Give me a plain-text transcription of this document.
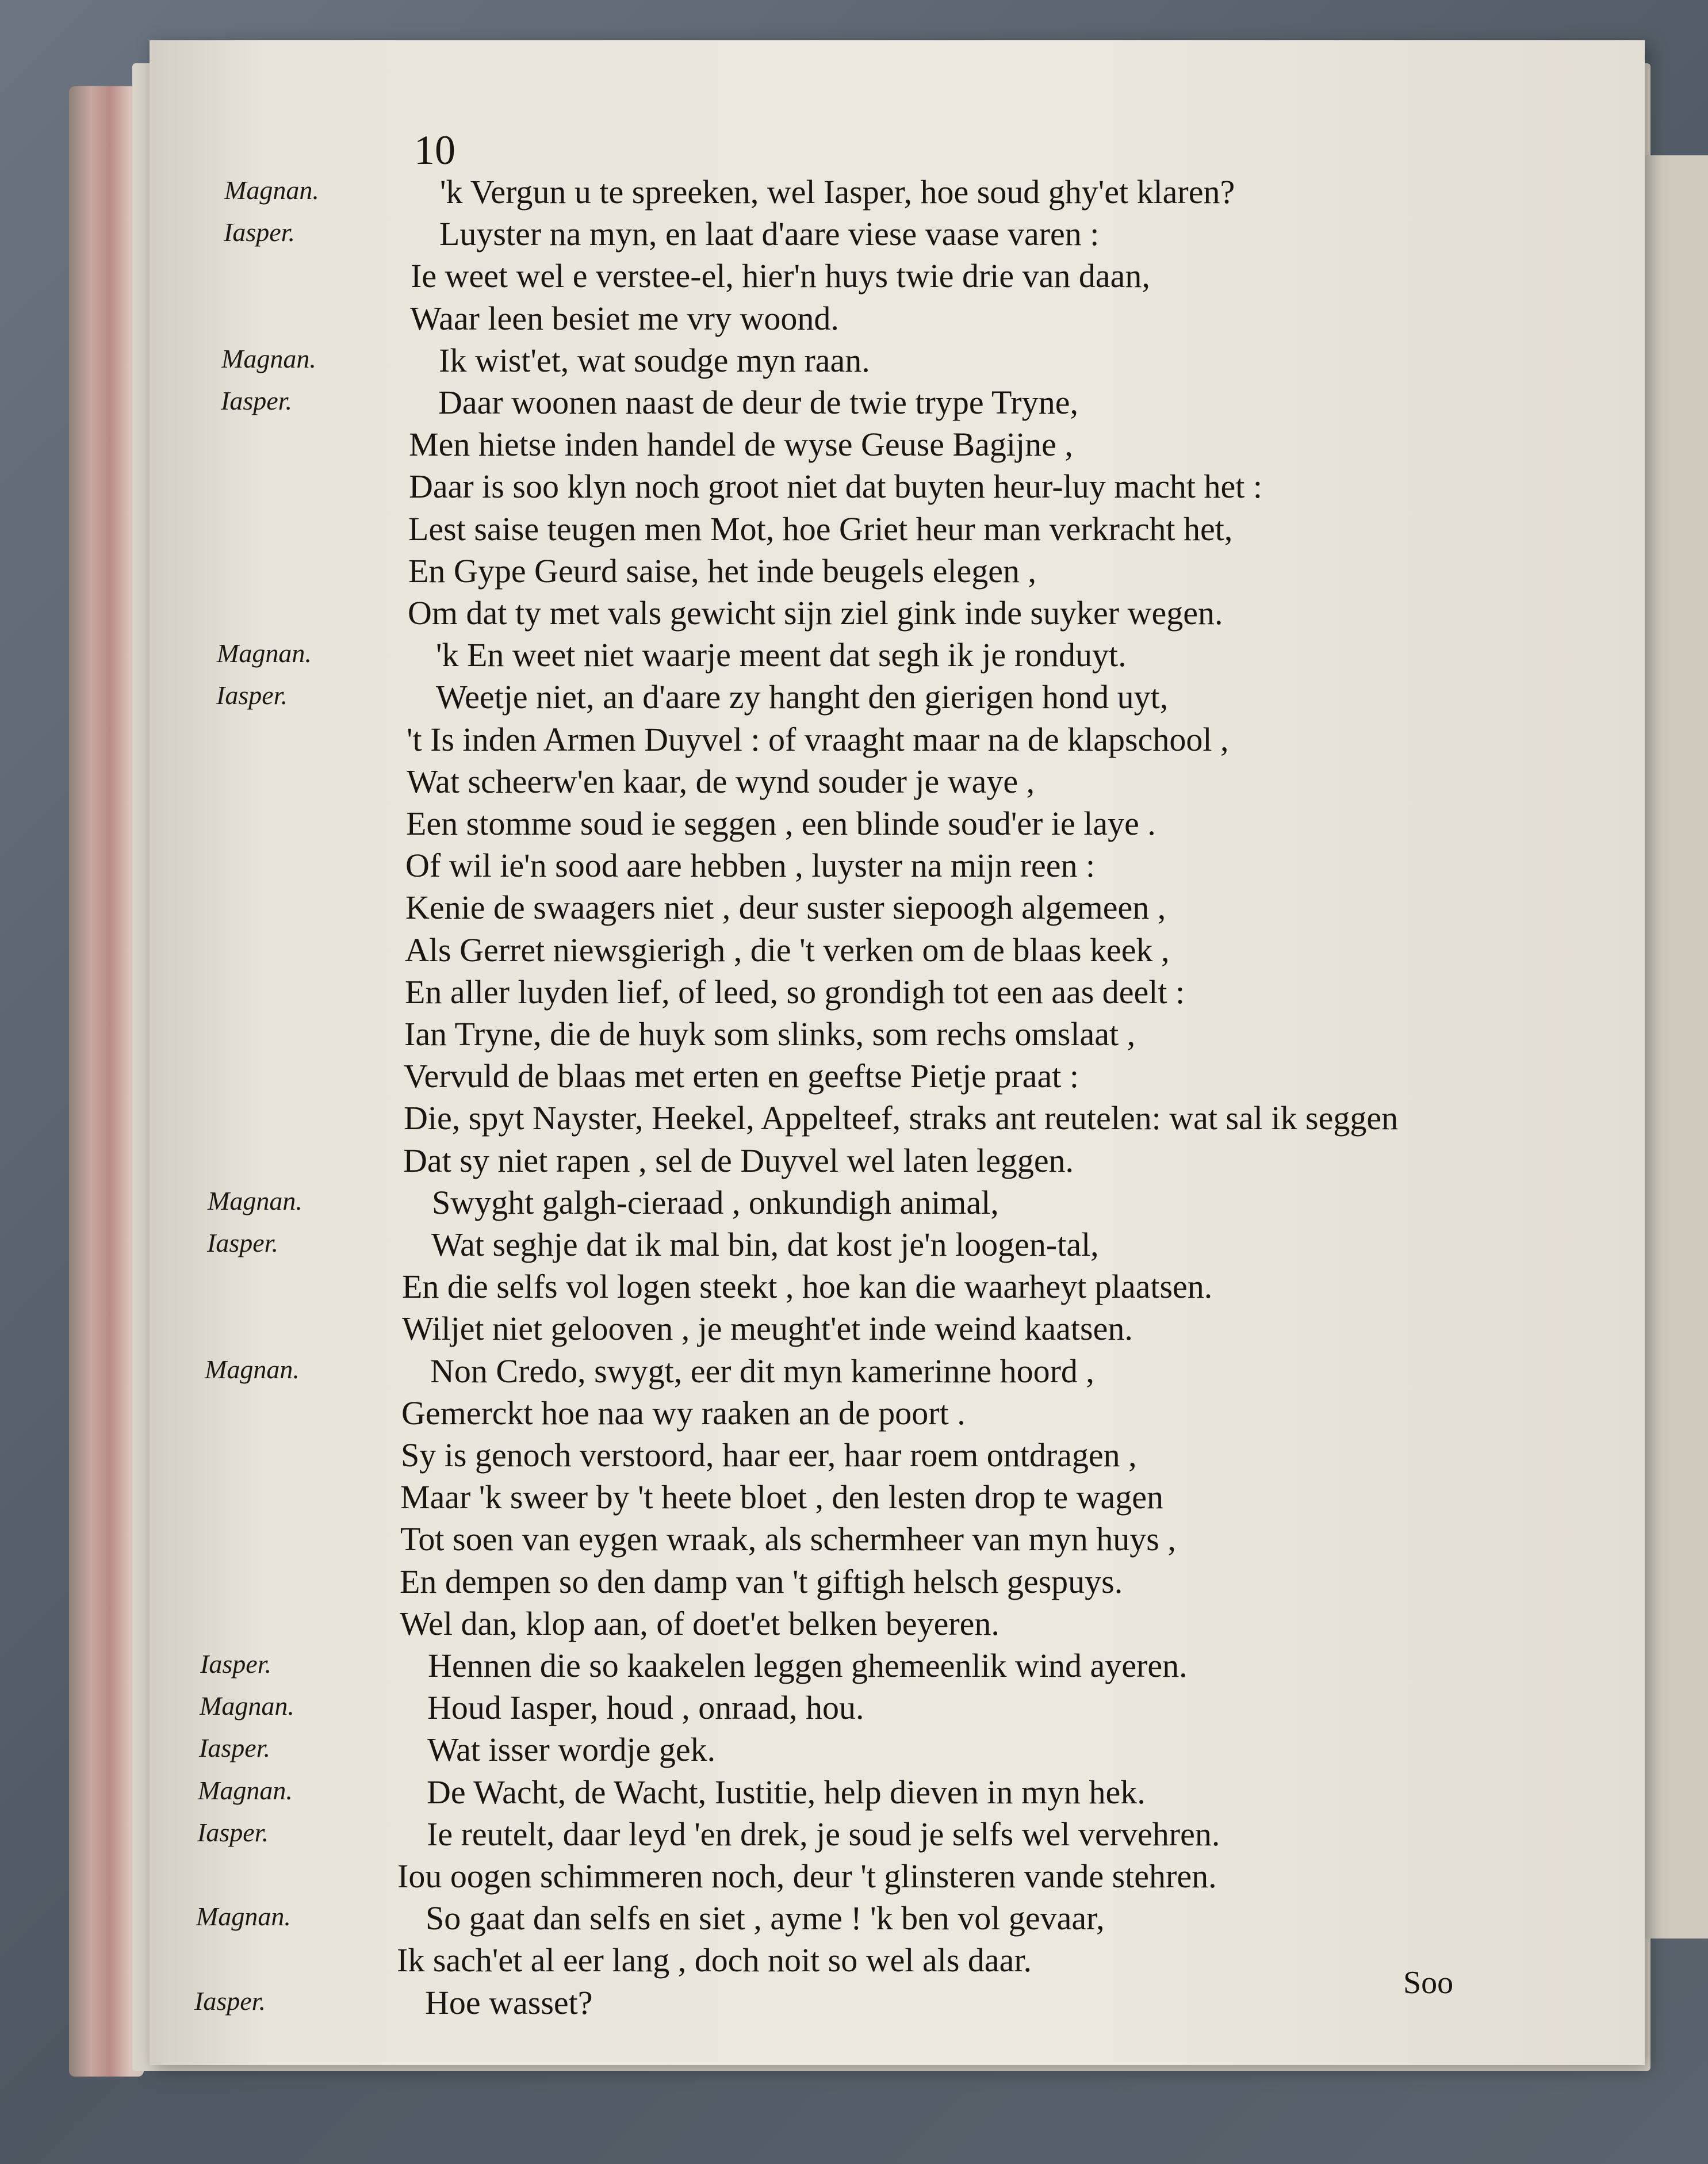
10
Magnan.	'k Vergun u te spreeken, wel Iasper, hoe soud ghy'et klaren?
Iasper.	Luyster na myn, en laat d'aare viese vaase varen :
Ie weet wel e verstee-el, hier'n huys twie drie van daan,
Waar leen besiet me vry woond.
Magnan.	Ik wist'et, wat soudge myn raan.
Iasper.	Daar woonen naast de deur de twie trype Tryne,
Men hietse inden handel de wyse Geuse Bagijne ,
Daar is soo klyn noch groot niet dat buyten heur-luy macht het :
Lest saise teugen men Mot, hoe Griet heur man verkracht het,
En Gype Geurd saise, het inde beugels elegen ,
Om dat ty met vals gewicht sijn ziel gink inde suyker wegen.
Magnan.	'k En weet niet waarje meent dat segh ik je ronduyt.
Iasper.	Weetje niet, an d'aare zy hanght den gierigen hond uyt,
't Is inden Armen Duyvel : of vraaght maar na de klapschool ,
Wat scheerw'en kaar, de wynd souder je waye ,
Een stomme soud ie seggen , een blinde soud'er ie laye .
Of wil ie'n sood aare hebben , luyster na mijn reen :
Kenie de swaagers niet , deur suster siepoogh algemeen ,
Als Gerret niewsgierigh , die 't verken om de blaas keek ,
En aller luyden lief, of leed, so grondigh tot een aas deelt :
Ian Tryne, die de huyk som slinks, som rechs omslaat ,
Vervuld de blaas met erten en geeftse Pietje praat :
Die, spyt Nayster, Heekel, Appelteef, straks ant reutelen: wat sal ik seggen
Dat sy niet rapen , sel de Duyvel wel laten leggen.
Magnan.	Swyght galgh-cieraad , onkundigh animal,
Iasper.	Wat seghje dat ik mal bin, dat kost je'n loogen-tal,
En die selfs vol logen steekt , hoe kan die waarheyt plaatsen.
Wiljet niet gelooven , je meught'et inde weind kaatsen.
Magnan.	Non Credo, swygt, eer dit myn kamerinne hoord ,
Gemerckt hoe naa wy raaken an de poort .
Sy is genoch verstoord, haar eer, haar roem ontdragen ,
Maar 'k sweer by 't heete bloet , den lesten drop te wagen
Tot soen van eygen wraak, als schermheer van myn huys ,
En dempen so den damp van 't giftigh helsch gespuys.
Wel dan, klop aan, of doet'et belken beyeren.
Iasper.	Hennen die so kaakelen leggen ghemeenlik wind ayeren.
Magnan.	Houd Iasper, houd , onraad, hou.
Iasper.	Wat isser wordje gek.
Magnan.	De Wacht, de Wacht, Iustitie, help dieven in myn hek.
Iasper.	Ie reutelt, daar leyd 'en drek, je soud je selfs wel vervehren.
Iou oogen schimmeren noch, deur 't glinsteren vande stehren.
Magnan.	So gaat dan selfs en siet , ayme ! 'k ben vol gevaar,
Ik sach'et al eer lang , doch noit so wel als daar.
Iasper.	Hoe wasset?
Soo
